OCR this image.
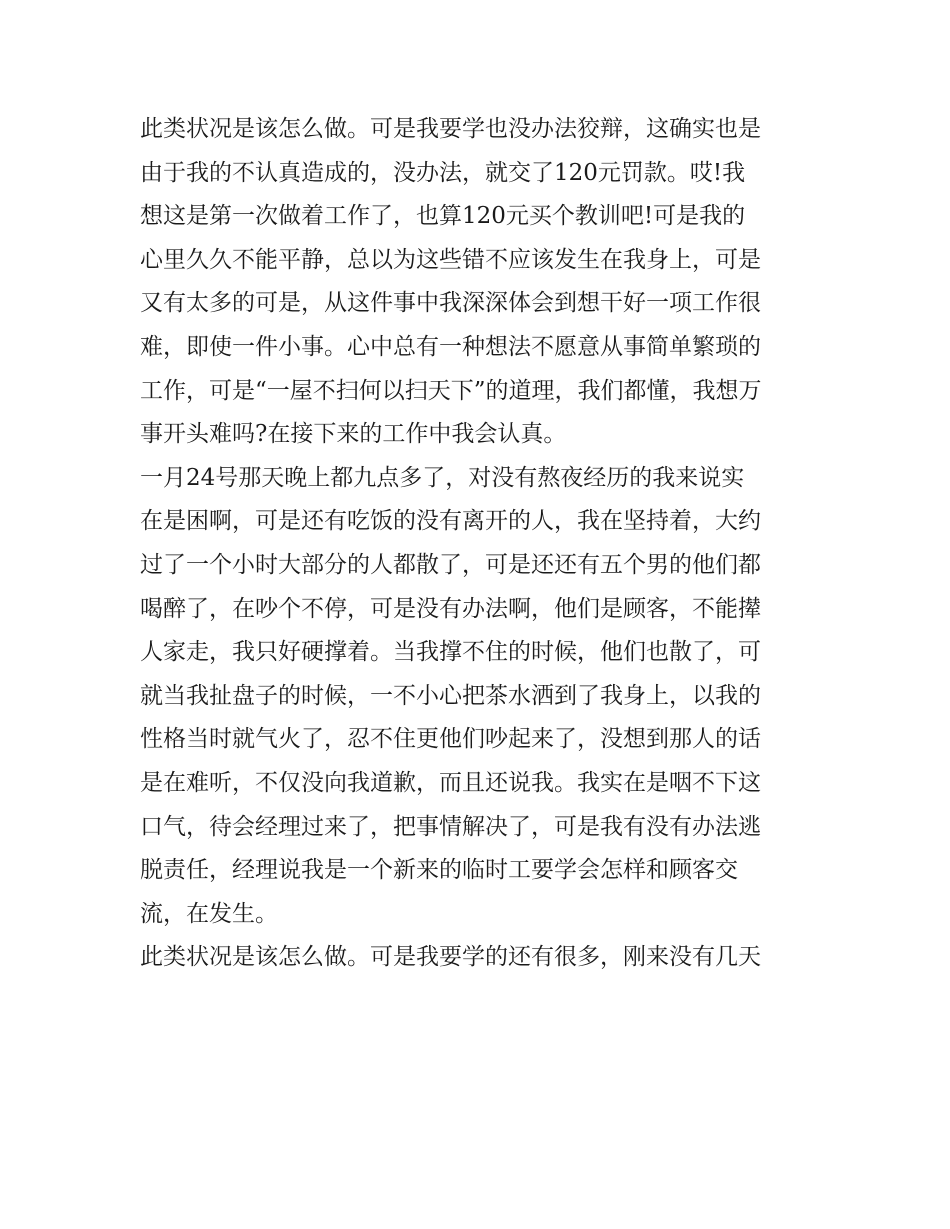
此类状况是该怎么做。可是我要学也没办法狡辩，这确实也是
由于我的不认真造成的，没办法，就交了120元罚款。哎!我
想这是第一次做着工作了，也算120元买个教训吧!可是我的
心里久久不能平静，总以为这些错不应该发生在我身上，可是
又有太多的可是，从这件事中我深深体会到想干好一项工作很
难，即使一件小事。心中总有一种想法不愿意从事简单繁琐的
工作，可是“一屋不扫何以扫天下”的道理，我们都懂，我想万
事开头难吗?在接下来的工作中我会认真。
一月24号那天晚上都九点多了，对没有熬夜经历的我来说实
在是困啊，可是还有吃饭的没有离开的人，我在坚持着，大约
过了一个小时大部分的人都散了，可是还还有五个男的他们都
喝醉了，在吵个不停，可是没有办法啊，他们是顾客，不能撵
人家走，我只好硬撑着。当我撑不住的时候，他们也散了，可
就当我扯盘子的时候，一不小心把茶水洒到了我身上，以我的
性格当时就气火了，忍不住更他们吵起来了，没想到那人的话
是在难听，不仅没向我道歉，而且还说我。我实在是咽不下这
口气，待会经理过来了，把事情解决了，可是我有没有办法逃
脱责任，经理说我是一个新来的临时工要学会怎样和顾客交
流，在发生。
此类状况是该怎么做。可是我要学的还有很多，刚来没有几天
